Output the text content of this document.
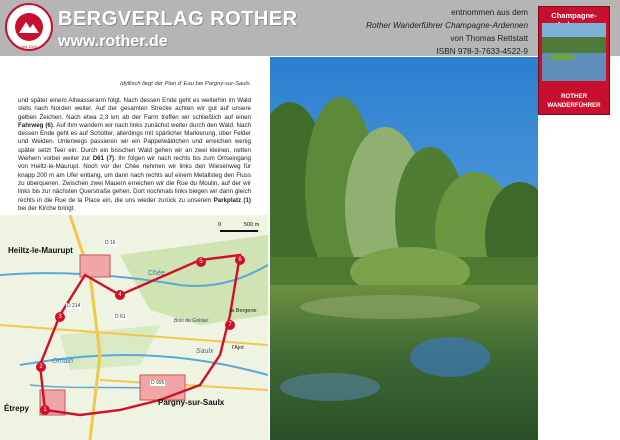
seit 1920
BERGVERLAG ROTHER
www.rother.de
entnommen aus dem
Rother Wanderführer Champagne-Ardennen
von Thomas Rettstatt
ISBN 978-3-7633-4522-9
Champagne-
ROTHER
WANDERFÜHRER
Idyllisch liegt der Plan d' Eau bei Pargny-sur-Saulx.
und später einem Altwasserarm folgt. Nach dessen Ende geht es weiterhin im Wald stets nach Norden weiter. Auf der gesamten Strecke achten wir gut auf unsere gelben Zeichen. Nach etwa 2,3 km ab der Farm treffen wir schließlich auf einen Fahrweg (6). Auf ihm wandern wir nach links zunächst weiter durch den Wald. Nach dessen Ende geht es auf Schotter, allerdings mit spärlicher Markierung, über Felder und Weiden. Unterwegs passieren wir ein Pappelwäldchen und erreichen wenig später setzt Teer ein. Durch ein bisschen Wald gehen wir an zwei kleinen, netten Weihern vorbei weiter zur D61 (7). Ihr folgen wir nach rechts bis zum Ortseingang von Heiltz-le-Maurupt. Noch vor der Chée nehmen wir links den Wiesenweg für knapp 200 m am Ufer entlang, um dann nach rechts auf einem Metallsteg den Fluss zu überqueren. Zwischen zwei Mauern erreichen wir die Rue du Moulin, auf der wir links bis zur nächsten Querstraße gehen. Dort nochmals links biegen wir dann gleich rechts in die Rue de la Place ein, die uns wieder zurück zu unserem Parkplatz (1) bei der Kirche bringt.
Heiltz-le-Maurupt
Étrepy
Pargny-sur-Saulx
Chée
Saulx
Ornain
la Bergerie
l'Ajot
Bois du Grésier
D 16
D 214
D 61
D 995
0	500 m
1
2
3
4
5	6
7
